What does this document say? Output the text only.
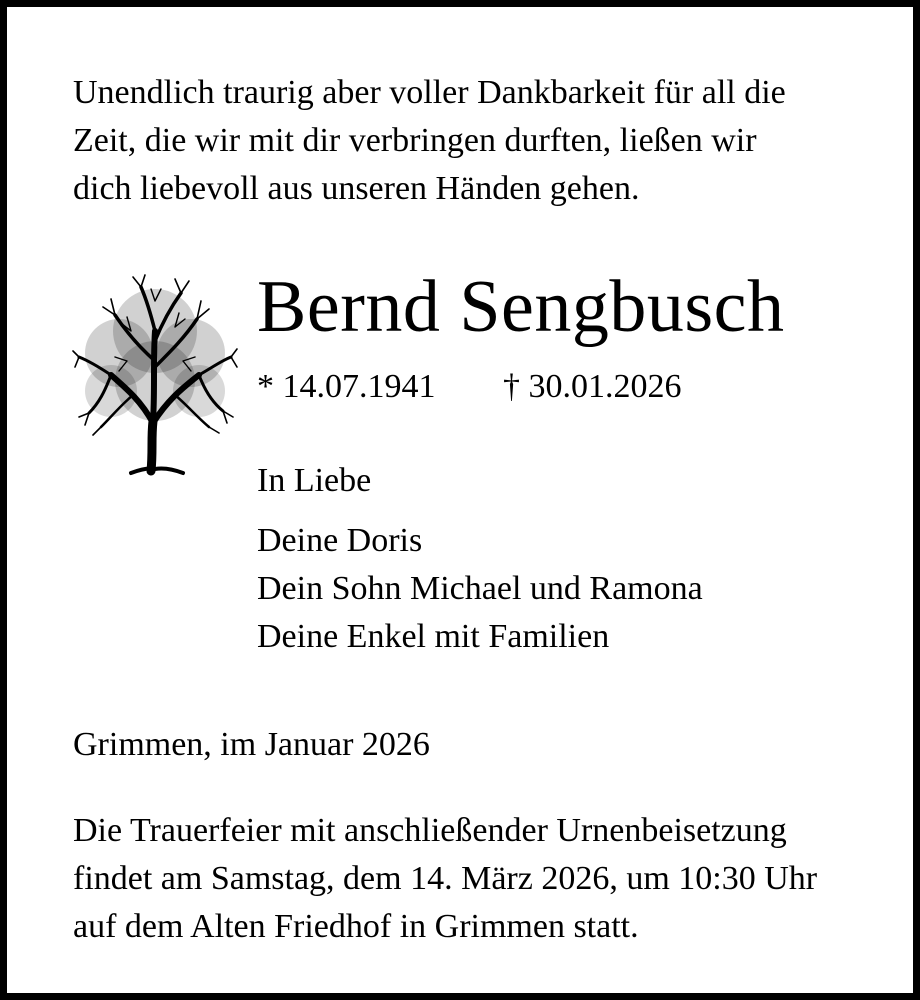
Unendlich traurig aber voller Dankbarkeit für all die
Zeit, die wir mit dir verbringen durften, ließen wir
dich liebevoll aus unseren Händen gehen.

Bernd Sengbusch
* 14.07.1941 † 30.01.2026
In Liebe
Deine Doris
Dein Sohn Michael und Ramona
Deine Enkel mit Familien
Grimmen, im Januar 2026

Die Trauerfeier mit anschließender Urnenbeisetzung
findet am Samstag, dem 14. März 2026, um 10:30 Uhr
auf dem Alten Friedhof in Grimmen statt.
